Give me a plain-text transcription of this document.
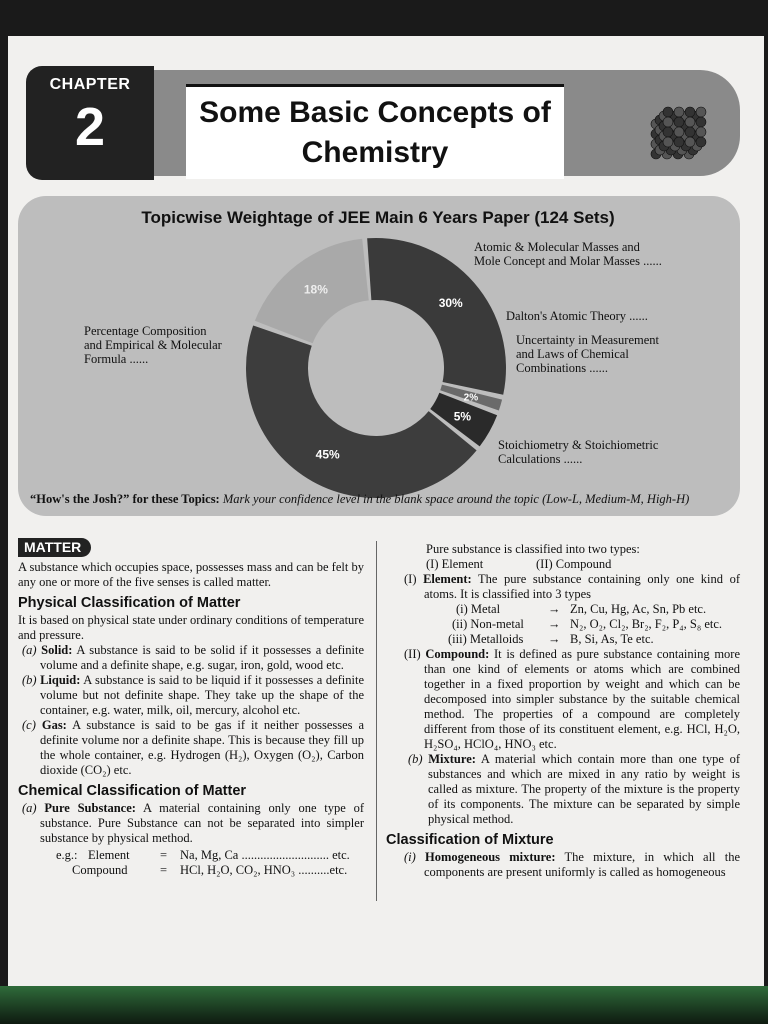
CHAPTER
2	Some Basic Concepts of
Chemistry
Topicwise Weightage of JEE Main 6 Years Paper (124 Sets)
30%
2%
5%
45%
18%
Atomic & Molecular Masses and
Mole Concept and Molar Masses ......
Dalton's Atomic Theory ......
Uncertainty in Measurement
and Laws of Chemical
Combinations ......
Stoichiometry & Stoichiometric
Calculations ......
Percentage Composition
and Empirical & Molecular
Formula ......
“How's the Josh?” for these Topics: Mark your confidence level in the blank space around the topic (Low-L, Medium-M, High-H)
MATTER

A substance which occupies space, possesses mass and can be felt by any one or more of the five senses is called matter.

Physical Classification of Matter

It is based on physical state under ordinary conditions of temperature and pressure.

(a) Solid: A substance is said to be solid if it possesses a definite volume and a definite shape, e.g. sugar, iron, gold, wood etc.

(b) Liquid: A substance is said to be liquid if it possesses a definite volume but not definite shape. They take up the shape of the container, e.g. water, milk, oil, mercury, alcohol etc.

(c) Gas: A substance is said to be gas if it neither possesses a definite volume nor a definite shape. This is because they fill up the whole container, e.g. Hydrogen (H₂), Oxygen (O₂), Carbon dioxide (CO₂) etc.

Chemical Classification of Matter

(a) Pure Substance: A material containing only one type of substance. Pure Substance can not be separated into simpler substance by physical method.

e.g.: Element	=	Na, Mg, Ca ............................ etc.
Compound	=	HCl, H₂O, CO₂, HNO₃ ..........etc.

Pure substance is classified into two types:

(I) Element	(II) Compound

(I) Element: The pure substance containing only one kind of atoms. It is classified into 3 types

(i) Metal	→ Zn, Cu, Hg, Ac, Sn, Pb etc.
(ii) Non-metal	→ N₂, O₂, Cl₂, Br₂, F₂, P₄, S₈ etc.
(iii) Metalloids	→ B, Si, As, Te etc.

(II) Compound: It is defined as pure substance containing more than one kind of elements or atoms which are combined together in a fixed proportion by weight and which can be decomposed into simpler substance by the suitable chemical method. The properties of a compound are completely different from those of its constituent element, e.g. HCl, H₂O, H₂SO₄, HClO₄, HNO₃ etc.

(b) Mixture: A material which contain more than one type of substances and which are mixed in any ratio by weight is called as mixture. The property of the mixture is the property of its components. The mixture can be separated by simple physical method.

Classification of Mixture

(i) Homogeneous mixture: The mixture, in which all the components are present uniformly is called as homogeneous
